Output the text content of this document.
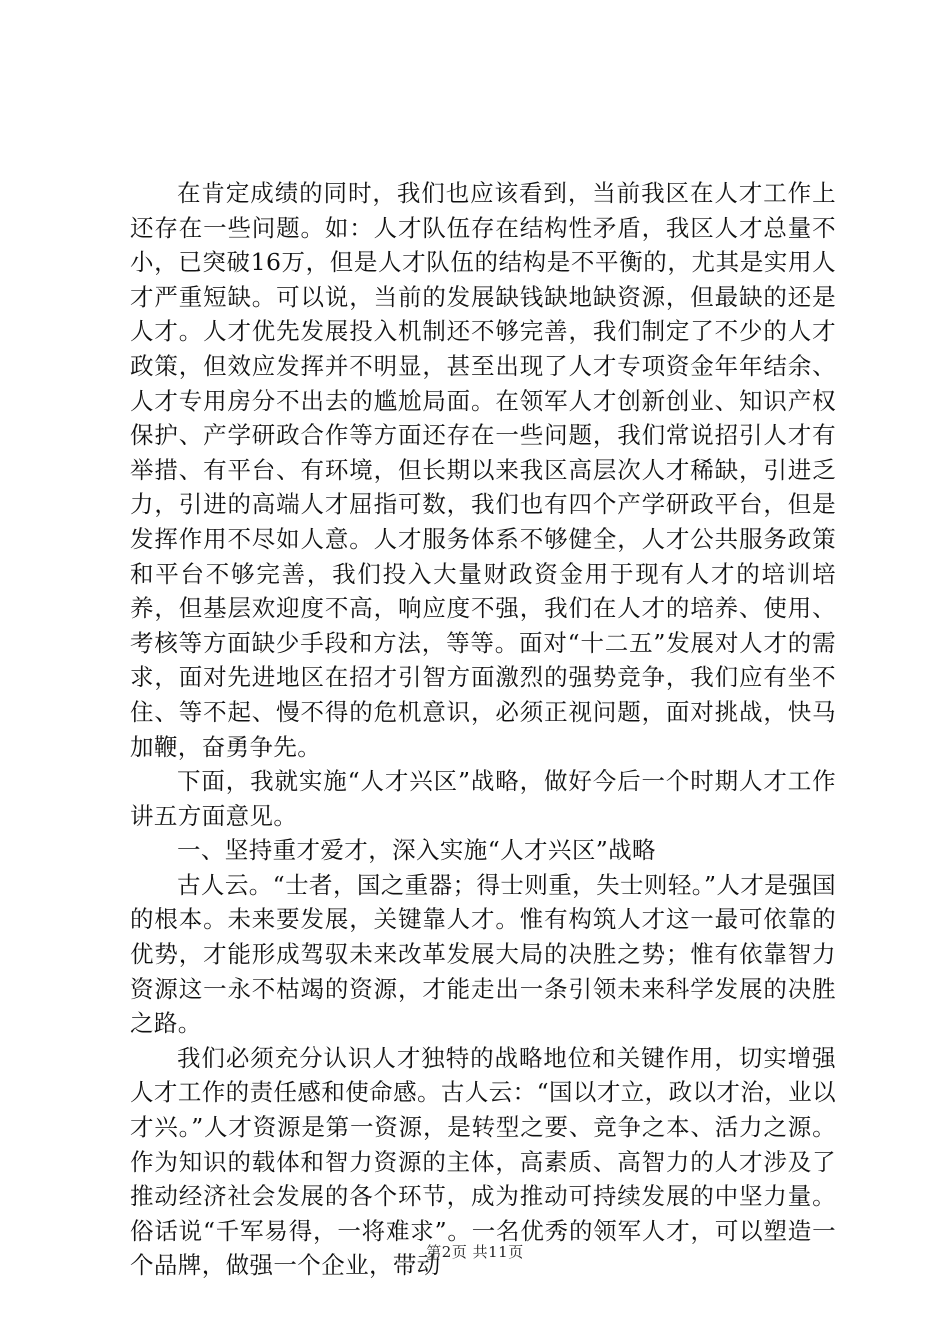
在肯定成绩的同时，我们也应该看到，当前我区在人才工作上还存在一些问题。如：人才队伍存在结构性矛盾，我区人才总量不小，已突破16万，但是人才队伍的结构是不平衡的，尤其是实用人才严重短缺。可以说，当前的发展缺钱缺地缺资源，但最缺的还是人才。人才优先发展投入机制还不够完善，我们制定了不少的人才政策，但效应发挥并不明显，甚至出现了人才专项资金年年结余、人才专用房分不出去的尴尬局面。在领军人才创新创业、知识产权保护、产学研政合作等方面还存在一些问题，我们常说招引人才有举措、有平台、有环境，但长期以来我区高层次人才稀缺，引进乏力，引进的高端人才屈指可数，我们也有四个产学研政平台，但是发挥作用不尽如人意。人才服务体系不够健全，人才公共服务政策和平台不够完善，我们投入大量财政资金用于现有人才的培训培养，但基层欢迎度不高，响应度不强，我们在人才的培养、使用、考核等方面缺少手段和方法，等等。面对“十二五”发展对人才的需求，面对先进地区在招才引智方面激烈的强势竞争，我们应有坐不住、等不起、慢不得的危机意识，必须正视问题，面对挑战，快马加鞭，奋勇争先。

下面，我就实施“人才兴区”战略，做好今后一个时期人才工作讲五方面意见。

一、坚持重才爱才，深入实施“人才兴区”战略

古人云。“士者，国之重器；得士则重，失士则轻。”人才是强国的根本。未来要发展，关键靠人才。惟有构筑人才这一最可依靠的优势，才能形成驾驭未来改革发展大局的决胜之势；惟有依靠智力资源这一永不枯竭的资源，才能走出一条引领未来科学发展的决胜之路。

我们必须充分认识人才独特的战略地位和关键作用，切实增强人才工作的责任感和使命感。古人云：“国以才立，政以才治，业以才兴。”人才资源是第一资源，是转型之要、竞争之本、活力之源。作为知识的载体和智力资源的主体，高素质、高智力的人才涉及了推动经济社会发展的各个环节，成为推动可持续发展的中坚力量。俗话说“千军易得，一将难求”。一名优秀的领军人才，可以塑造一个品牌，做强一个企业，带动

第2页 共11页
